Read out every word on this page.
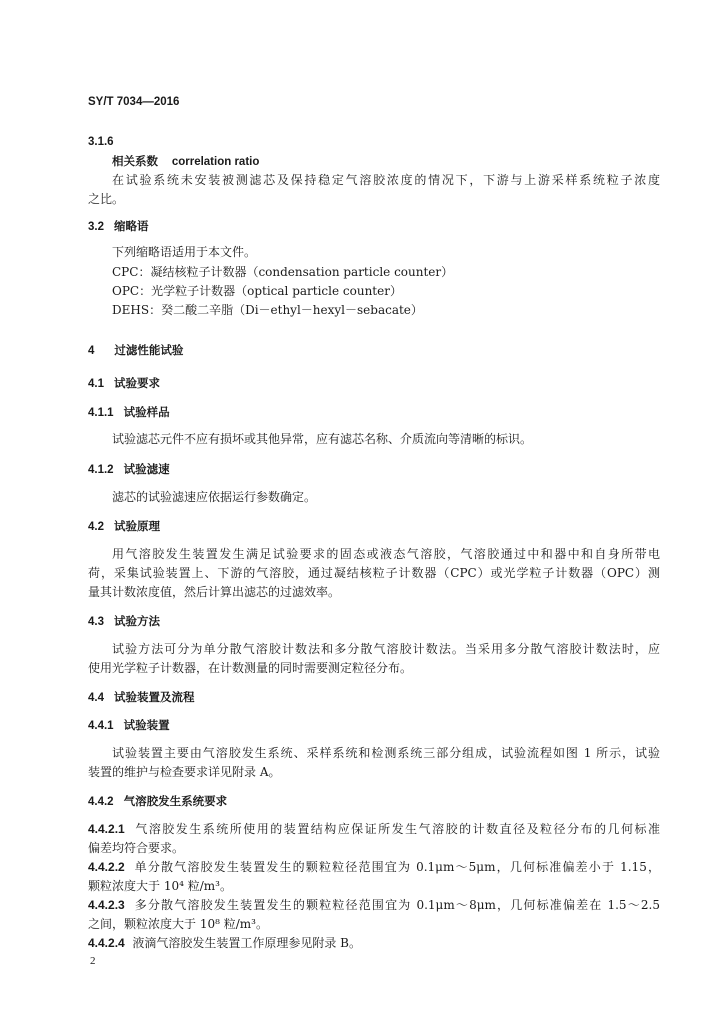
SY/T 7034—2016
3.1.6
相关系数 correlation ratio
在试验系统未安装被测滤芯及保持稳定气溶胶浓度的情况下，下游与上游采样系统粒子浓度
之比。
3.2 缩略语
下列缩略语适用于本文件。
CPC：凝结核粒子计数器（condensation particle counter）
OPC：光学粒子计数器（optical particle counter）
DEHS：癸二酸二辛脂（Di－ethyl－hexyl－sebacate）
4 过滤性能试验
4.1 试验要求
4.1.1 试验样品
试验滤芯元件不应有损坏或其他异常，应有滤芯名称、介质流向等清晰的标识。
4.1.2 试验滤速
滤芯的试验滤速应依据运行参数确定。
4.2 试验原理
用气溶胶发生装置发生满足试验要求的固态或液态气溶胶，气溶胶通过中和器中和自身所带电
荷，采集试验装置上、下游的气溶胶，通过凝结核粒子计数器（CPC）或光学粒子计数器（OPC）测
量其计数浓度值，然后计算出滤芯的过滤效率。
4.3 试验方法
试验方法可分为单分散气溶胶计数法和多分散气溶胶计数法。当采用多分散气溶胶计数法时，应
使用光学粒子计数器，在计数测量的同时需要测定粒径分布。
4.4 试验装置及流程
4.4.1 试验装置
试验装置主要由气溶胶发生系统、采样系统和检测系统三部分组成，试验流程如图 1 所示，试验
装置的维护与检查要求详见附录 A。
4.4.2 气溶胶发生系统要求
4.4.2.1 气溶胶发生系统所使用的装置结构应保证所发生气溶胶的计数直径及粒径分布的几何标准
偏差均符合要求。
4.4.2.2 单分散气溶胶发生装置发生的颗粒粒径范围宜为 0.1μm～5μm，几何标准偏差小于 1.15，
颗粒浓度大于 10⁴ 粒/m³。
4.4.2.3 多分散气溶胶发生装置发生的颗粒粒径范围宜为 0.1μm～8μm，几何标准偏差在 1.5～2.5
之间，颗粒浓度大于 10⁸ 粒/m³。
4.4.2.4 液滴气溶胶发生装置工作原理参见附录 B。
2
